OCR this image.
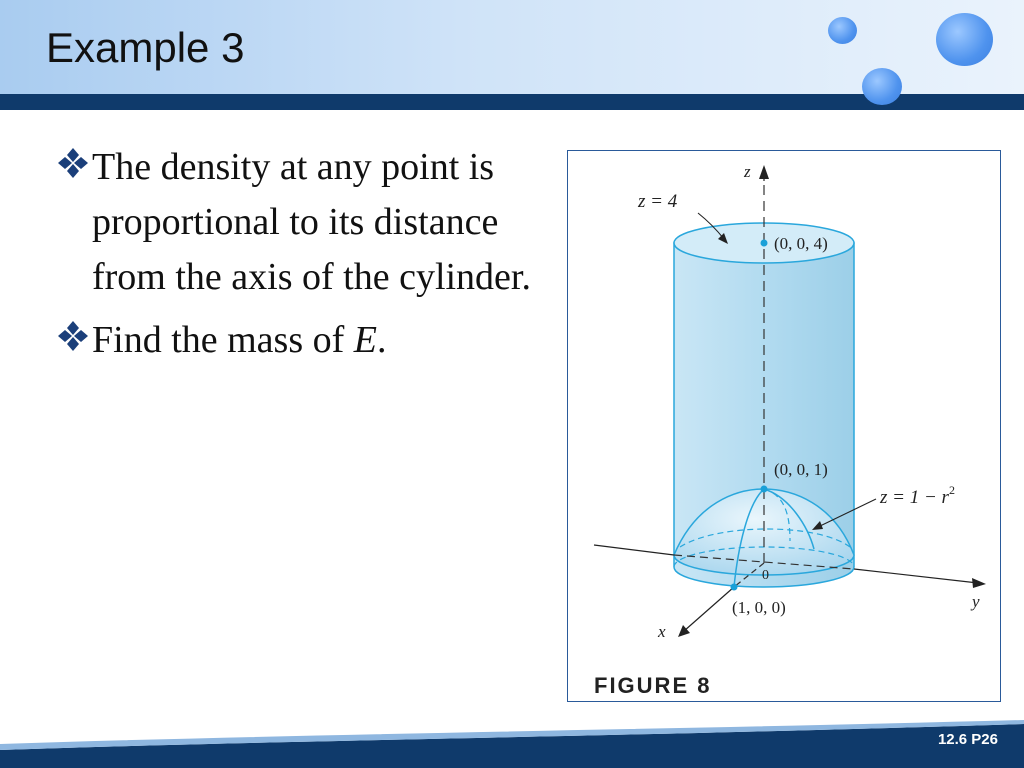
Example 3
The density at any point is proportional to its distance from the axis of the cylinder.
Find the mass of E.
z
y
x
0
z = 4
(0, 0, 4)
(0, 0, 1)
$z = 1 - r^2$
(1, 0, 0)
FIGURE 8
12.6 P26
